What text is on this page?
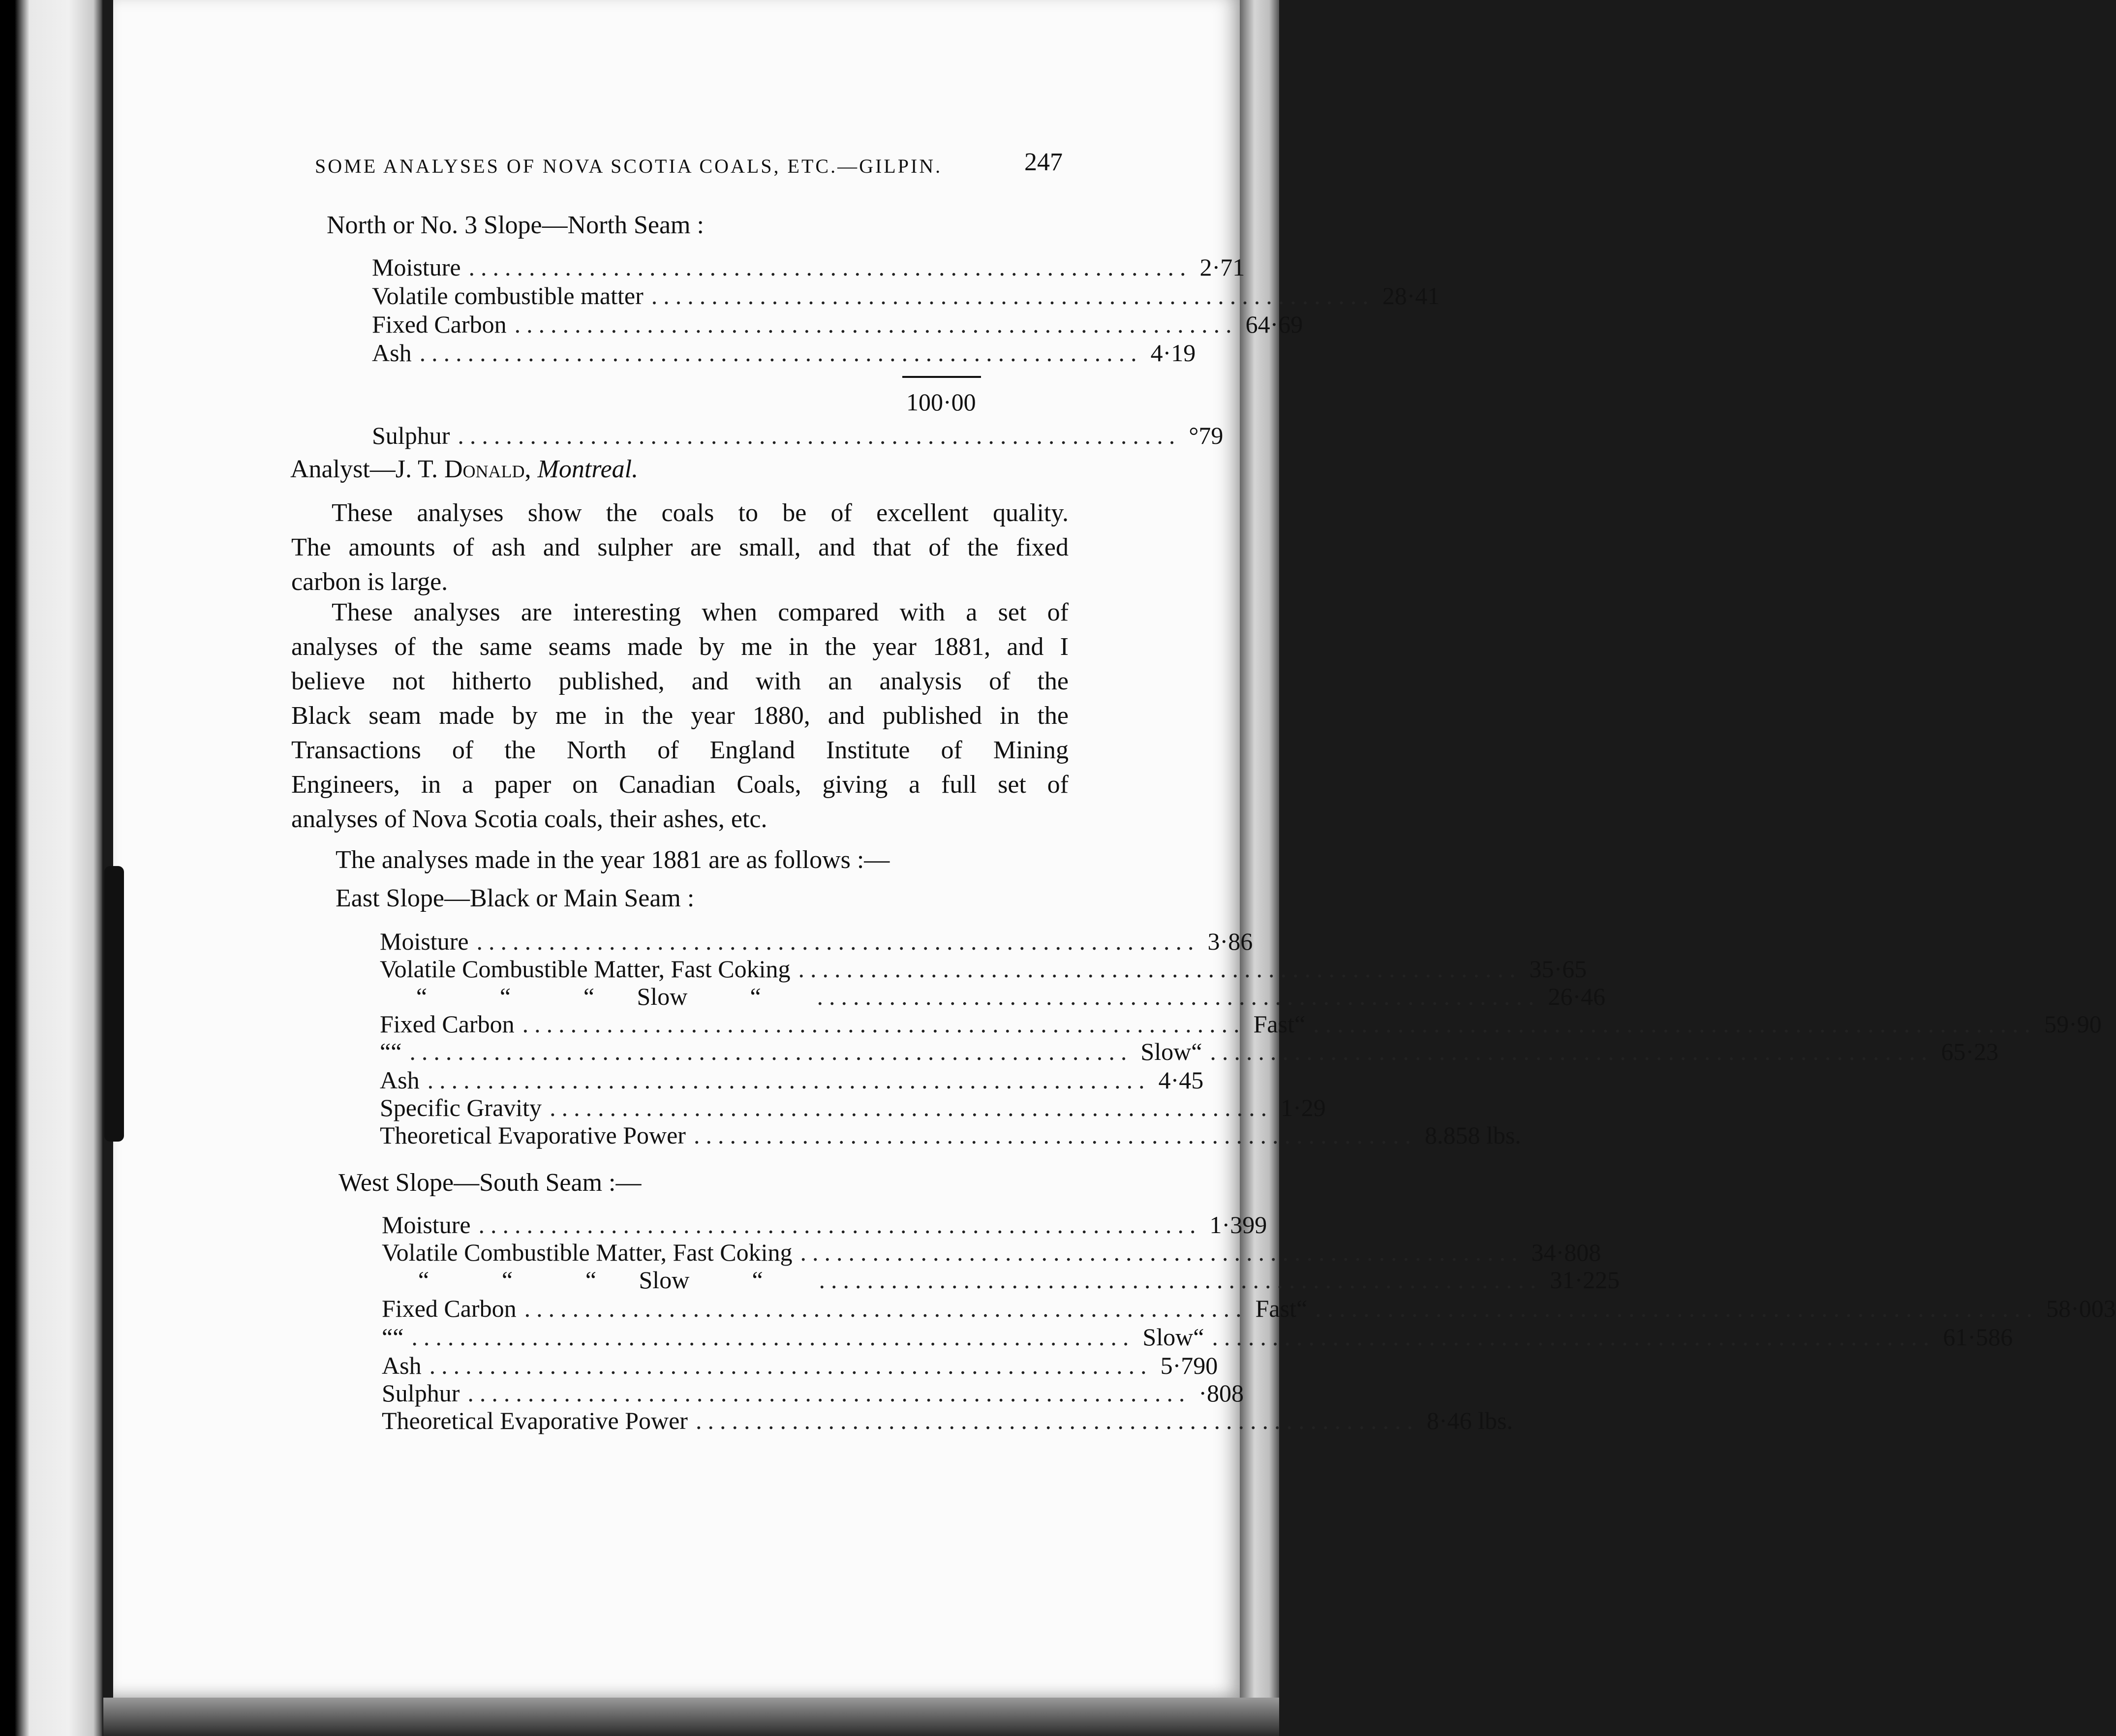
SOME ANALYSES OF NOVA SCOTIA COALS, ETC.—GILPIN.	247
North or No. 3 Slope—North Seam :
Moisture ............................................................ 2·71
Volatile combustible matter ............................................................ 28·41
Fixed Carbon ............................................................ 64·69
Ash ............................................................ 4·19
100·00
Sulphur ............................................................ °79
Analyst—J. T. Donald, Montreal.
These analyses show the coals to be of excellent quality.
The amounts of ash and sulpher are small, and that of the fixed
carbon is large.
These analyses are interesting when compared with a set of
analyses of the same seams made by me in the year 1881, and I
believe not hitherto published, and with an analysis of the
Black seam made by me in the year 1880, and published in the
Transactions of the North of England Institute of Mining
Engineers, in a paper on Canadian Coals, giving a full set of
analyses of Nova Scotia coals, their ashes, etc.
The analyses made in the year 1881 are as follows :—
East Slope—Black or Main Seam :
Moisture ............................................................ 3·86
Volatile Combustible Matter, Fast Coking ............................................................ 35·65
“	“	“ Slow	“	............................................................ 26·46
Fixed Carbon ............................................................ Fast “ ............................................................ 59·90
“ “ ............................................................ Slow “ ............................................................ 65·23
Ash ............................................................ 4·45
Specific Gravity ............................................................ 1·29
Theoretical Evaporative Power ............................................................ 8.858 lbs.
West Slope—South Seam :—
Moisture ............................................................ 1·399
Volatile Combustible Matter, Fast Coking ............................................................ 34·808
“	“	“ Slow	“	............................................................ 31·225
Fixed Carbon ............................................................ Fast “ ............................................................ 58·003
“ “ ............................................................ Slow “ ............................................................ 61·586
Ash ............................................................ 5·790
Sulphur ............................................................ ·808
Theoretical Evaporative Power ............................................................ 8·46 lbs.
